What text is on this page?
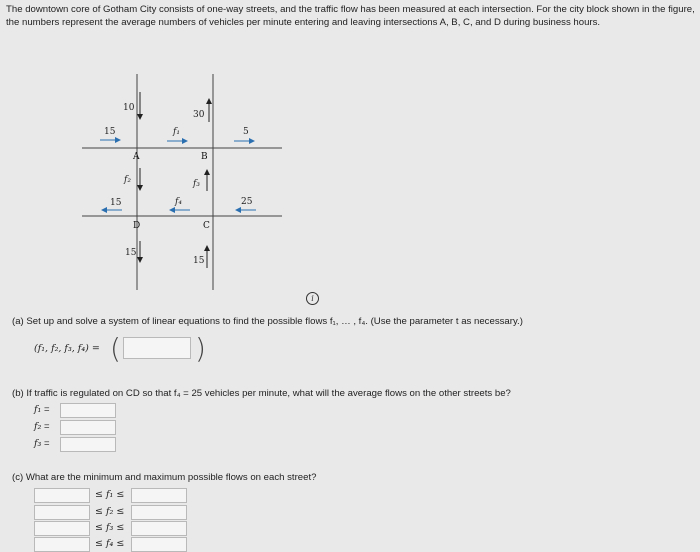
The downtown core of Gotham City consists of one-way streets, and the traffic flow has been measured at each intersection. For the city block shown in the figure, the numbers represent the average numbers of vehicles per minute entering and leaving intersections A, B, C, and D during business hours.
A	B
C
D
10
30
15	f₁	5
f₂	f₃
15	f₄	25
15
15
i
(a) Set up and solve a system of linear equations to find the possible flows f₁, … , f₄. (Use the parameter t as necessary.)
(f₁, f₂, f₃, f₄) = (	)
(b) If traffic is regulated on CD so that f₄ = 25 vehicles per minute, what will the average flows on the other streets be?
f₁ =
f₂ =
f₃ =
(c) What are the minimum and maximum possible flows on each street?
≤ f₁ ≤
≤ f₂ ≤
≤ f₃ ≤
≤ f₄ ≤
